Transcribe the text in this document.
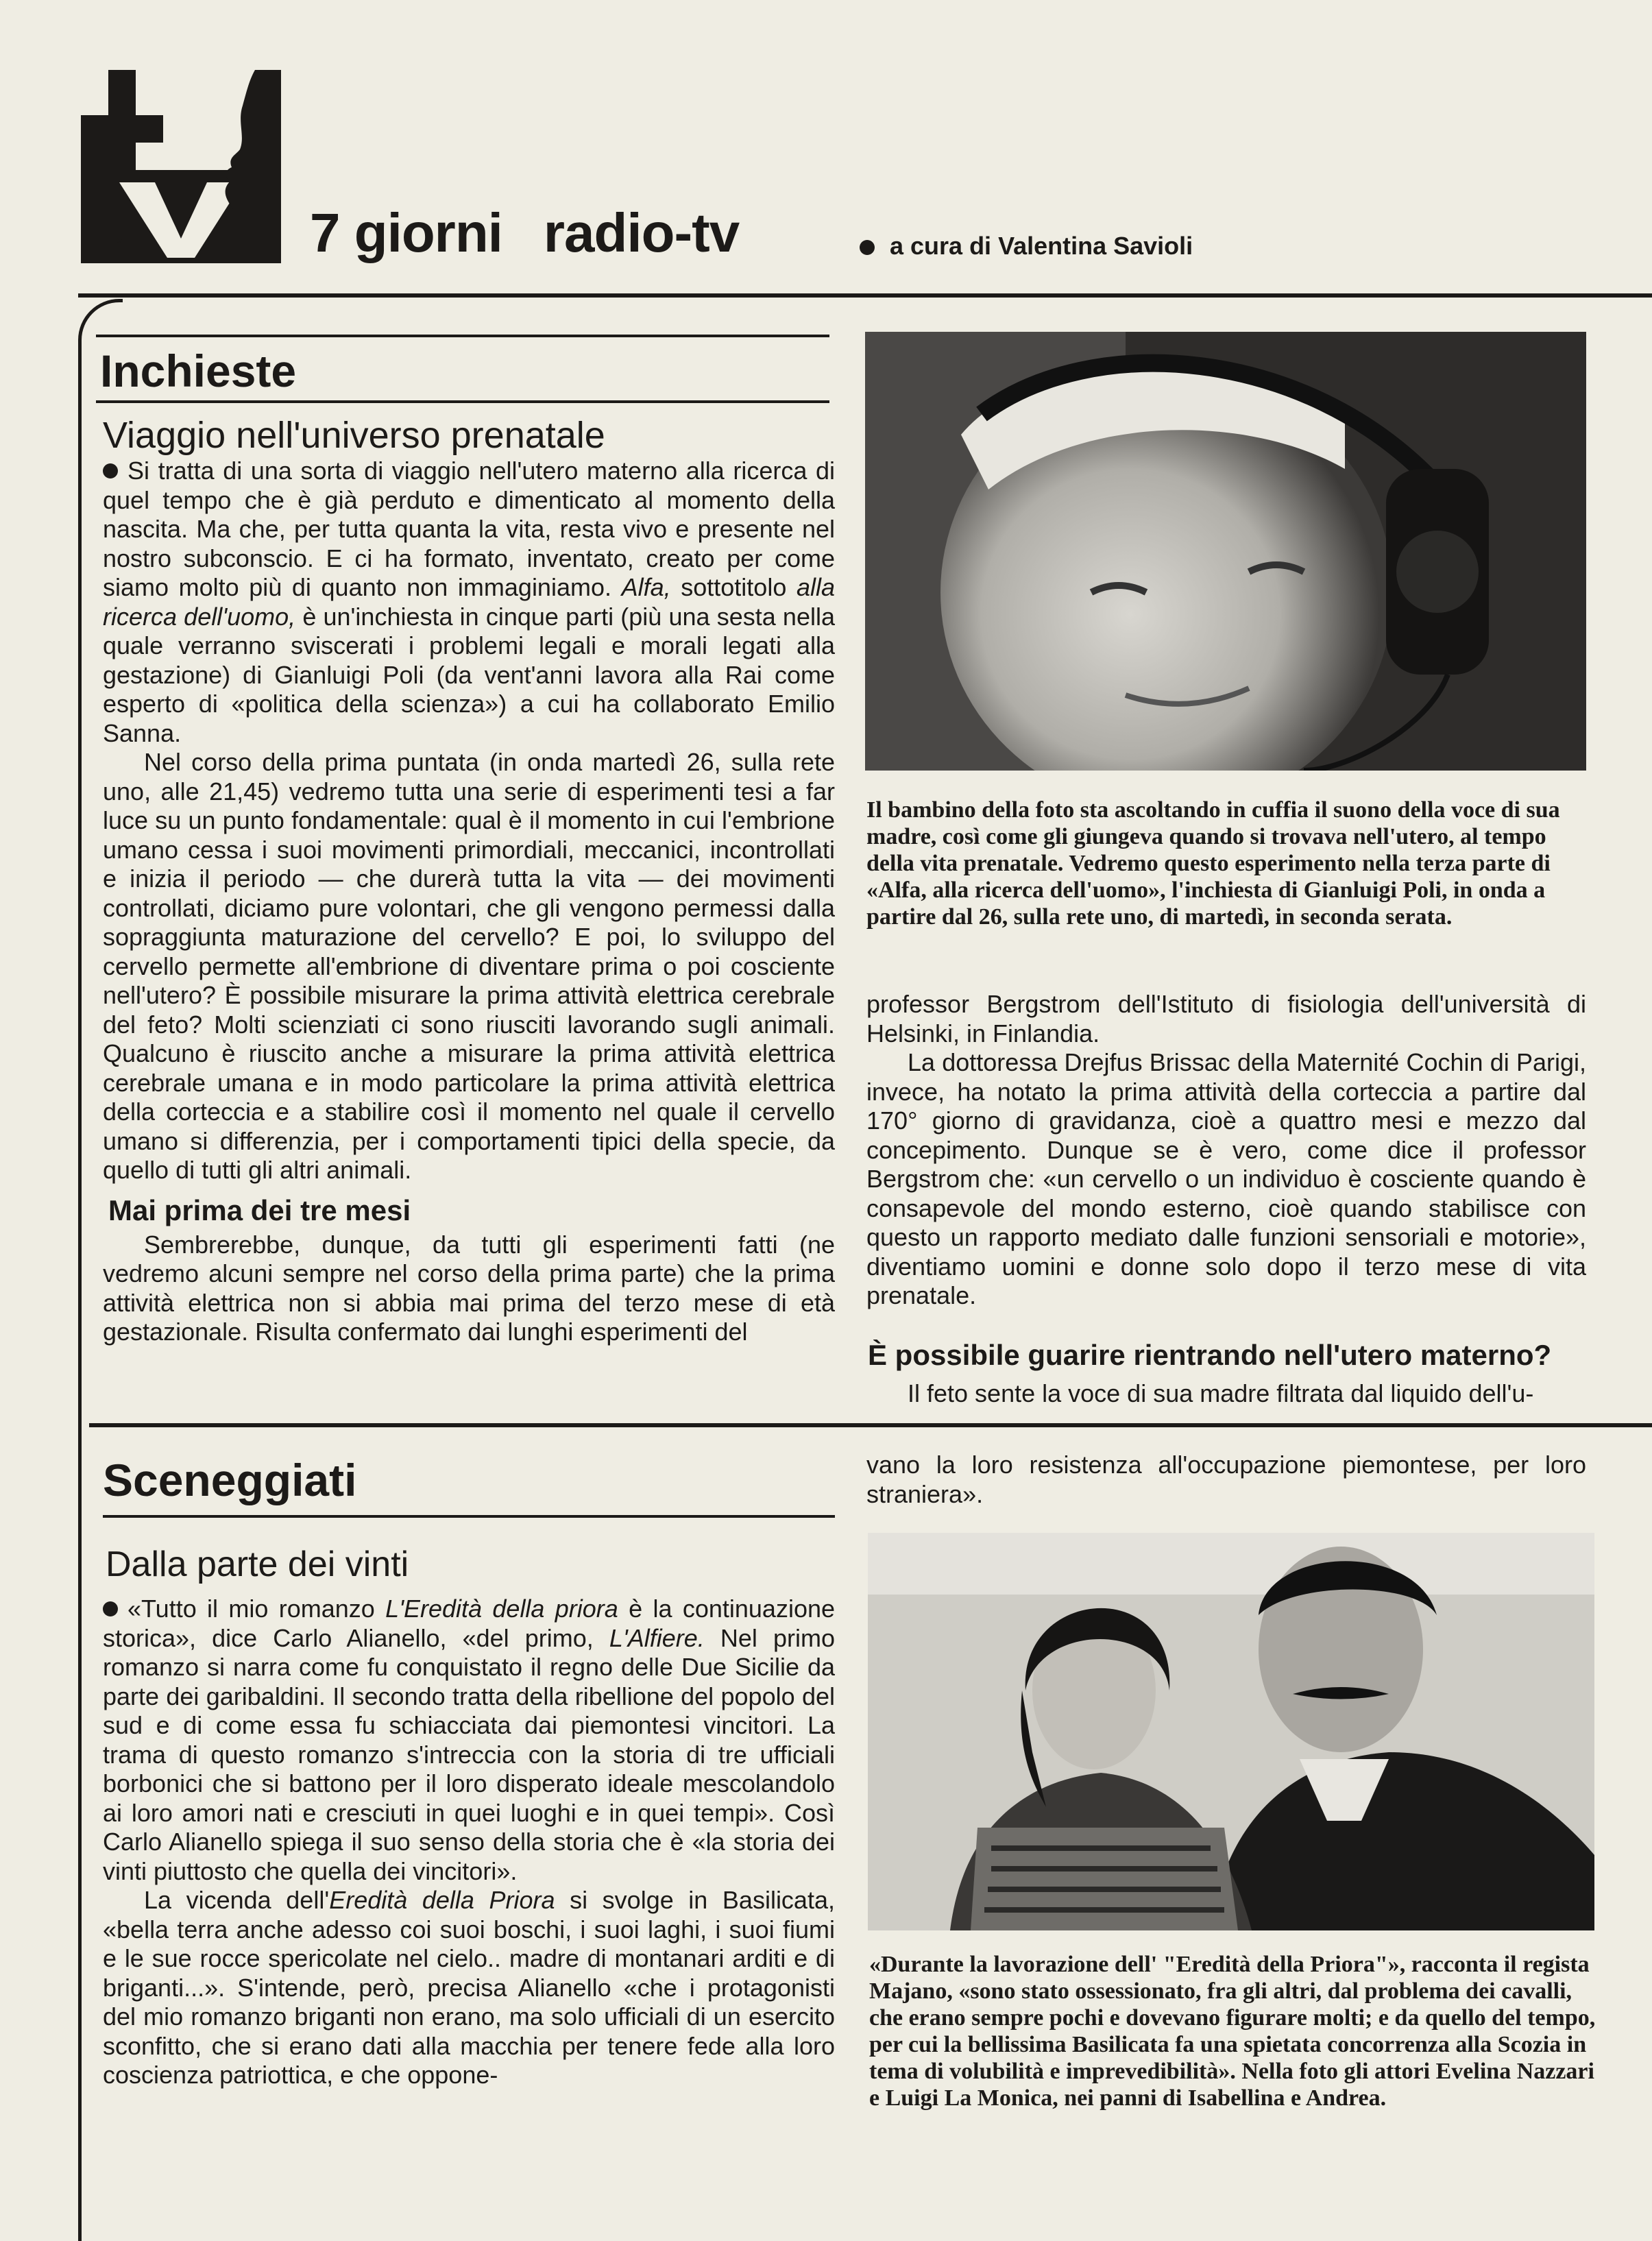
tv	7 giorni radio-tv	a cura di Valentina Savioli
Inchieste
Viaggio nell'universo prenatale

Si tratta di una sorta di viaggio nell'utero materno alla ricerca di quel tempo che è già perduto e dimenticato al momento della nascita. Ma che, per tutta quanta la vita, resta vivo e presente nel nostro subconscio. E ci ha formato, inventato, creato per come siamo molto più di quanto non immaginiamo. Alfa, sottotitolo alla ricerca dell'uomo, è un'inchiesta in cinque parti (più una sesta nella quale verranno sviscerati i problemi legali e morali legati alla gestazione) di Gianluigi Poli (da vent'anni lavora alla Rai come esperto di «politica della scienza») a cui ha collaborato Emilio Sanna.

Nel corso della prima puntata (in onda martedì 26, sulla rete uno, alle 21,45) vedremo tutta una serie di esperimenti tesi a far luce su un punto fondamentale: qual è il momento in cui l'embrione umano cessa i suoi movimenti primordiali, meccanici, incontrollati e inizia il periodo — che durerà tutta la vita — dei movimenti controllati, diciamo pure volontari, che gli vengono permessi dalla sopraggiunta maturazione del cervello? E poi, lo sviluppo del cervello permette all'embrione di diventare prima o poi cosciente nell'utero? È possibile misurare la prima attività elettrica cerebrale del feto? Molti scienziati ci sono riusciti lavorando sugli animali. Qualcuno è riuscito anche a misurare la prima attività elettrica cerebrale umana e in modo particolare la prima attività elettrica della corteccia e a stabilire così il momento nel quale il cervello umano si differenzia, per i comportamenti tipici della specie, da quello di tutti gli altri animali.

Mai prima dei tre mesi

Sembrerebbe, dunque, da tutti gli esperimenti fatti (ne vedremo alcuni sempre nel corso della prima parte) che la prima attività elettrica non si abbia mai prima del terzo mese di età gestazionale. Risulta confermato dai lunghi esperimenti del

Il bambino della foto sta ascoltando in cuffia il suono della voce di sua madre, così come gli giungeva quando si trovava nell'utero, al tempo della vita prenatale. Vedremo questo esperimento nella terza parte di «Alfa, alla ricerca dell'uomo», l'inchiesta di Gianluigi Poli, in onda a partire dal 26, sulla rete uno, di martedì, in seconda serata.

professor Bergstrom dell'Istituto di fisiologia dell'università di Helsinki, in Finlandia.

La dottoressa Drejfus Brissac della Maternité Cochin di Parigi, invece, ha notato la prima attività della corteccia a partire dal 170° giorno di gravidanza, cioè a quattro mesi e mezzo dal concepimento. Dunque se è vero, come dice il professor Bergstrom che: «un cervello o un individuo è cosciente quando è consapevole del mondo esterno, cioè quando stabilisce con questo un rapporto mediato dalle funzioni sensoriali e motorie», diventiamo uomini e donne solo dopo il terzo mese di vita prenatale.

È possibile guarire rientrando nell'utero materno?
Il feto sente la voce di sua madre filtrata dal liquido dell'u-
Sceneggiati
Dalla parte dei vinti

«Tutto il mio romanzo L'Eredità della priora è la continuazione storica», dice Carlo Alianello, «del primo, L'Alfiere. Nel primo romanzo si narra come fu conquistato il regno delle Due Sicilie da parte dei garibaldini. Il secondo tratta della ribellione del popolo del sud e di come essa fu schiacciata dai piemontesi vincitori. La trama di questo romanzo s'intreccia con la storia di tre ufficiali borbonici che si battono per il loro disperato ideale mescolandolo ai loro amori nati e cresciuti in quei luoghi e in quei tempi». Così Carlo Alianello spiega il suo senso della storia che è «la storia dei vinti piuttosto che quella dei vincitori».

La vicenda dell'Eredità della Priora si svolge in Basilicata, «bella terra anche adesso coi suoi boschi, i suoi laghi, i suoi fiumi e le sue rocce spericolate nel cielo.. madre di montanari arditi e di briganti...». S'intende, però, precisa Alianello «che i protagonisti del mio romanzo briganti non erano, ma solo ufficiali di un esercito sconfitto, che si erano dati alla macchia per tenere fede alla loro coscienza patriottica, e che oppone-

vano la loro resistenza all'occupazione piemontese, per loro straniera».
«Durante la lavorazione dell' "Eredità della Priora"», racconta il regista Majano, «sono stato ossessionato, fra gli altri, dal problema dei cavalli, che erano sempre pochi e dovevano figurare molti; e da quello del tempo, per cui la bellissima Basilicata fa una spietata concorrenza alla Scozia in tema di volubilità e imprevedibilità». Nella foto gli attori Evelina Nazzari e Luigi La Monica, nei panni di Isabellina e Andrea.
